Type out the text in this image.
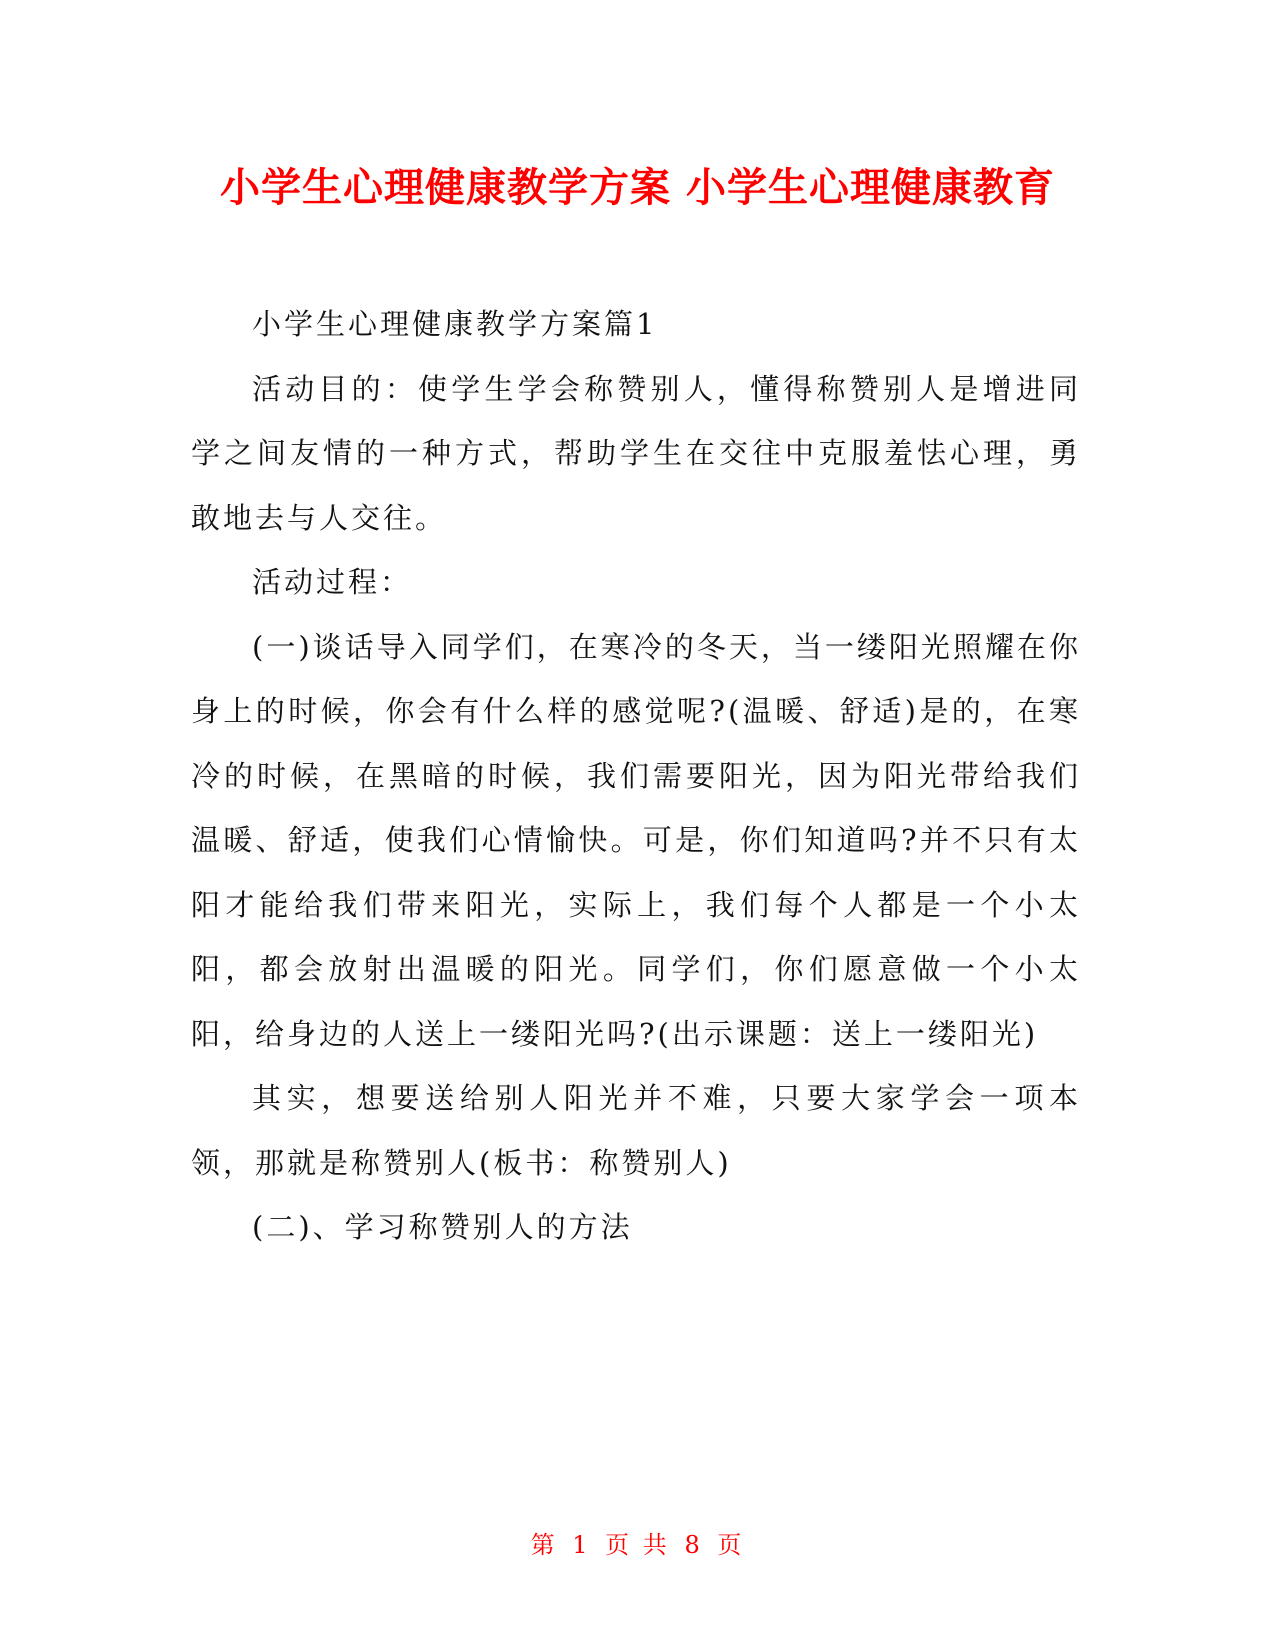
小学生心理健康教学方案 小学生心理健康教育

小学生心理健康教学方案篇1

活动目的：使学生学会称赞别人，懂得称赞别人是增进同学之间友情的一种方式，帮助学生在交往中克服羞怯心理，勇敢地去与人交往。

活动过程：

(一)谈话导入同学们，在寒冷的冬天，当一缕阳光照耀在你身上的时候，你会有什么样的感觉呢?(温暖、舒适)是的，在寒冷的时候，在黑暗的时候，我们需要阳光，因为阳光带给我们温暖、舒适，使我们心情愉快。可是，你们知道吗?并不只有太阳才能给我们带来阳光，实际上，我们每个人都是一个小太阳，都会放射出温暖的阳光。同学们，你们愿意做一个小太阳，给身边的人送上一缕阳光吗?(出示课题：送上一缕阳光)

其实，想要送给别人阳光并不难，只要大家学会一项本领，那就是称赞别人(板书：称赞别人)

(二)、学习称赞别人的方法

第 1 页 共 8 页
